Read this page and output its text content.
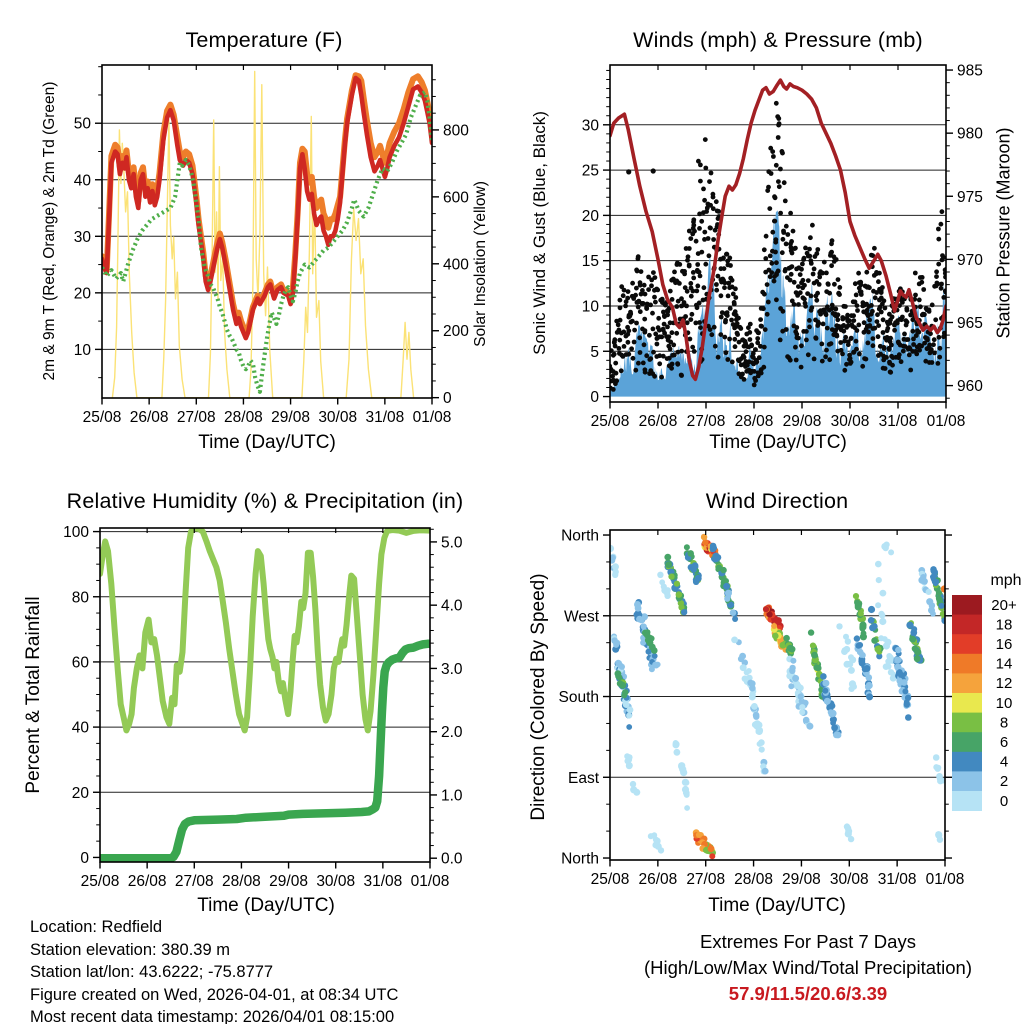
10
20
30
40
50
0
200
400
600
800
25/08 26/08 27/08 28/08 29/08 30/08 31/08 01/08
0
5
10
15
20
25
30
960
965
970
975
980
985
25/08 26/08 27/08 28/08 29/08 30/08 31/08 01/08
0
20
40
60
80
100
0.0
1.0
2.0
3.0
4.0
5.0
25/08 26/08 27/08 28/08 29/08 30/08 31/08 01/08
North
West
South
East
North
25/08 26/08 27/08 28/08 29/08 30/08 31/08 01/08
20+
18
16
14
12
10
8
6
4
2
0
Temperature (F)	Winds (mph) & Pressure (mb)
Relative Humidity (%) & Precipitation (in)	Wind Direction
Time (Day/UTC)	Time (Day/UTC)
Time (Day/UTC)	Time (Day/UTC)
2m & 9m T (Red, Orange) & 2m Td (Green)	Solar Insolation (Yellow) Sonic Wind & Gust (Blue, Black)	Station Pressure (Maroon)
Percent & Total Rainfall	Direction (Colored By Speed)	mph
Location: Redfield
Station elevation: 380.39 m
Station lat/lon: 43.6222; -75.8777
Figure created on Wed, 2026-04-01, at 08:34 UTC
Most recent data timestamp: 2026/04/01 08:15:00
Extremes For Past 7 Days
(High/Low/Max Wind/Total Precipitation)
57.9/11.5/20.6/3.39
